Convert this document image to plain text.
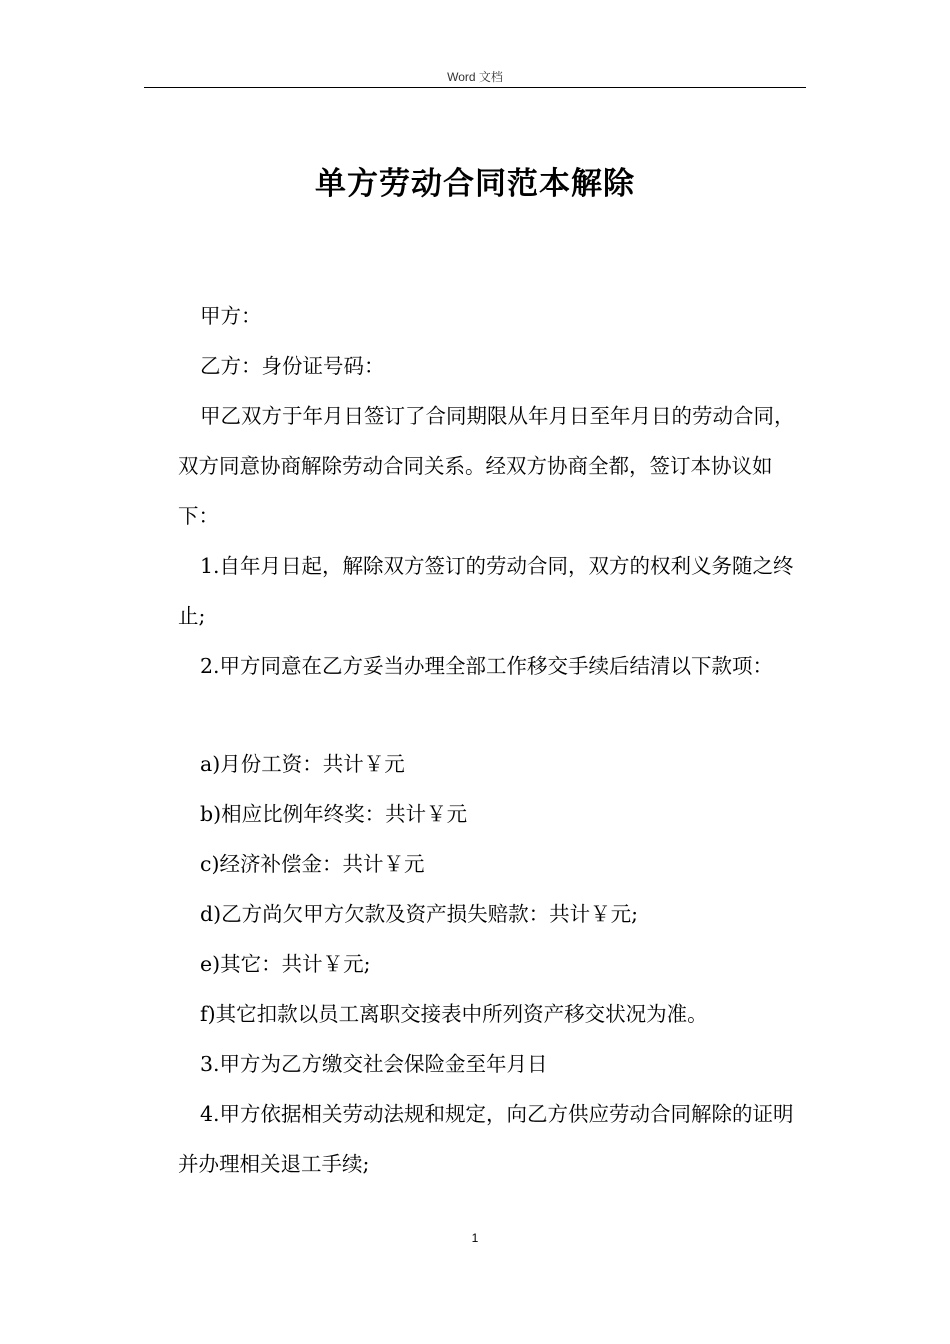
Word 文档
单方劳动合同范本解除

甲方：

乙方：身份证号码：

甲乙双方于年月日签订了合同期限从年月日至年月日的劳动合同，双方同意协商解除劳动合同关系。经双方协商全都，签订本协议如下：

1.自年月日起，解除双方签订的劳动合同，双方的权利义务随之终止;

2.甲方同意在乙方妥当办理全部工作移交手续后结清以下款项：

a)月份工资：共计￥元

b)相应比例年终奖：共计￥元

c)经济补偿金：共计￥元

d)乙方尚欠甲方欠款及资产损失赔款：共计￥元;

e)其它：共计￥元;

f)其它扣款以员工离职交接表中所列资产移交状况为准。

3.甲方为乙方缴交社会保险金至年月日

4.甲方依据相关劳动法规和规定，向乙方供应劳动合同解除的证明并办理相关退工手续;

1
